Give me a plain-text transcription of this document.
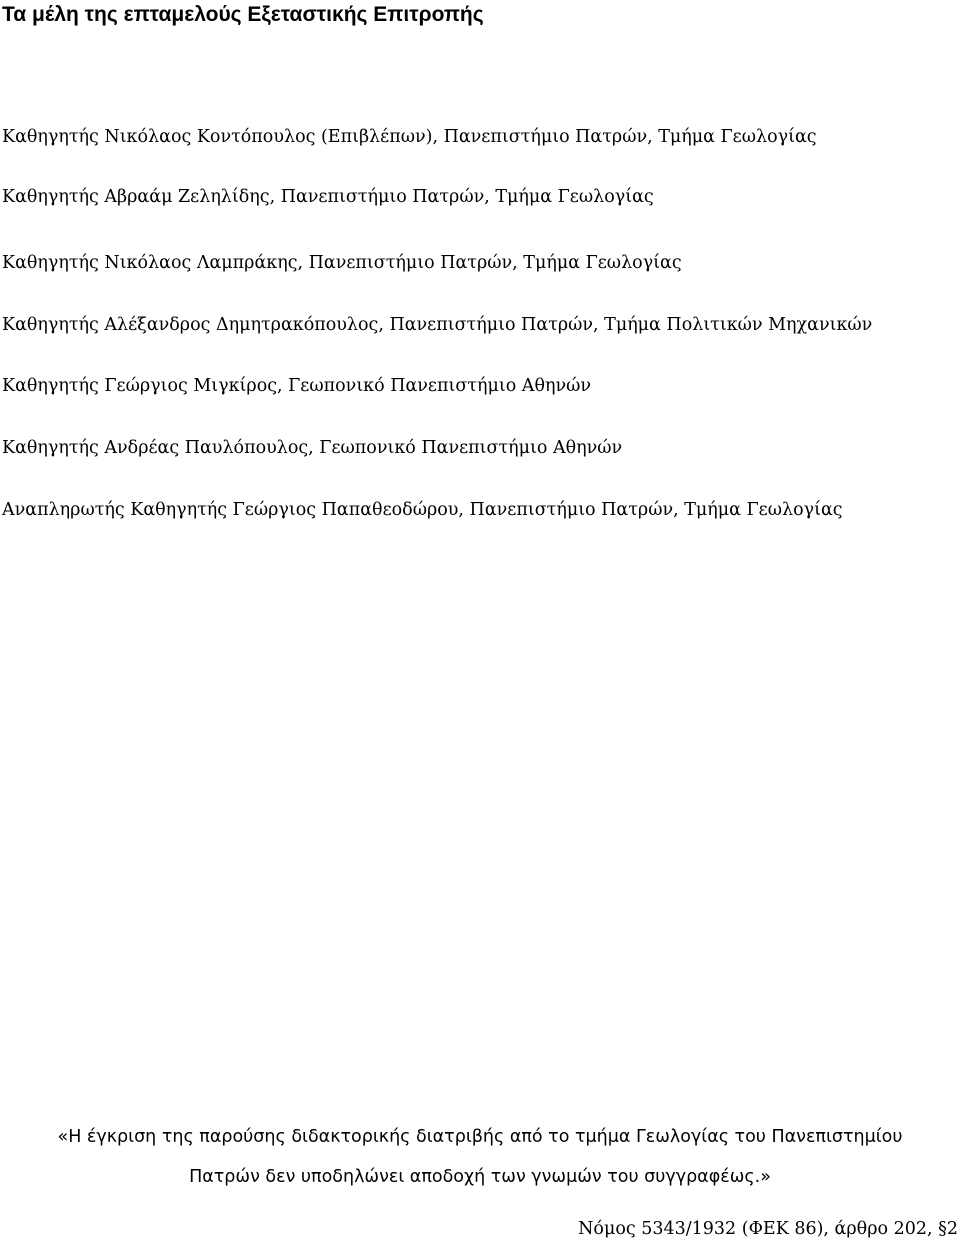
Τα μέλη της επταμελούς Εξεταστικής Επιτροπής
Καθηγητής Νικόλαος Κοντόπουλος (Επιβλέπων), Πανεπιστήμιο Πατρών, Τμήμα Γεωλογίας
Καθηγητής Αβραάμ Ζεληλίδης, Πανεπιστήμιο Πατρών, Τμήμα Γεωλογίας
Καθηγητής Νικόλαος Λαμπράκης, Πανεπιστήμιο Πατρών, Τμήμα Γεωλογίας
Καθηγητής Αλέξανδρος Δημητρακόπουλος, Πανεπιστήμιο Πατρών, Τμήμα Πολιτικών Μηχανικών
Καθηγητής Γεώργιος Μιγκίρος, Γεωπονικό Πανεπιστήμιο Αθηνών
Καθηγητής Ανδρέας Παυλόπουλος, Γεωπονικό Πανεπιστήμιο Αθηνών
Αναπληρωτής Καθηγητής Γεώργιος Παπαθεοδώρου, Πανεπιστήμιο Πατρών, Τμήμα Γεωλογίας

«Η έγκριση της παρούσης διδακτορικής διατριβής από το τμήμα Γεωλογίας του Πανεπιστημίου
Πατρών δεν υποδηλώνει αποδοχή των γνωμών του συγγραφέως.»

Νόμος 5343/1932 (ΦΕΚ 86), άρθρο 202, §2
